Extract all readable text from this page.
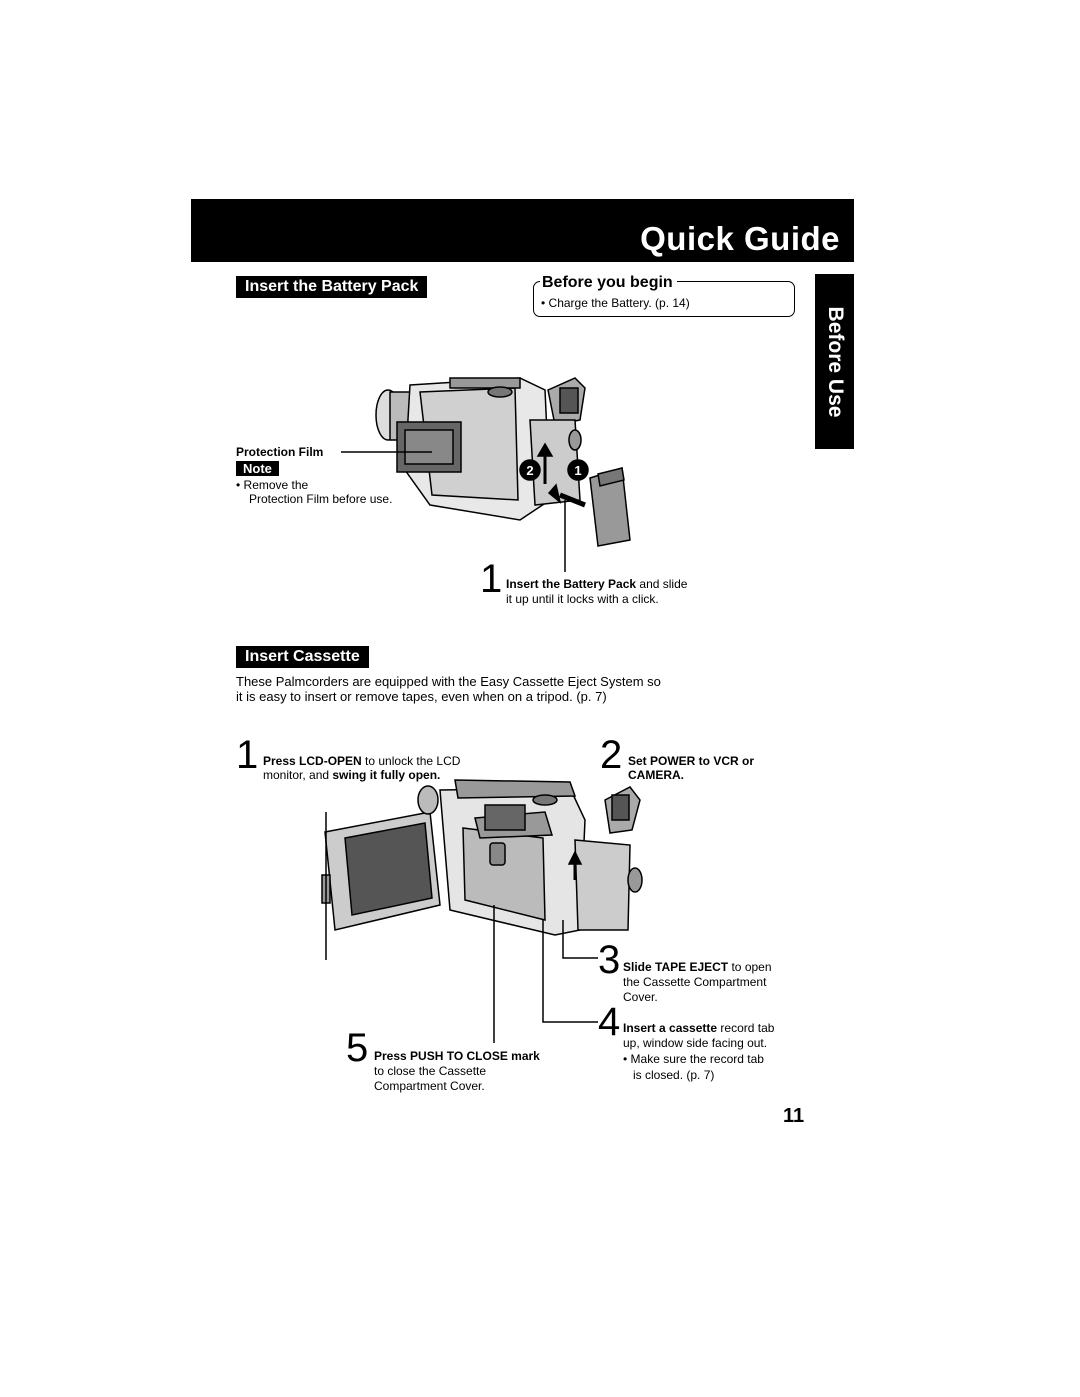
Quick Guide
Before Use
Insert the Battery Pack	Before you begin
• Charge the Battery. (p. 14)
2	1
Protection Film
Note
• Remove the
Protection Film before use.
1 Insert the Battery Pack and slide
it up until it locks with a click.
Insert Cassette
These Palmcorders are equipped with the Easy Cassette Eject System so
it is easy to insert or remove tapes, even when on a tripod. (p. 7)
1 Press LCD-OPEN to unlock the LCD
monitor, and swing it fully open.	2 Set POWER to VCR or
CAMERA.
3 Slide TAPE EJECT to open
the Cassette Compartment
Cover.
4 Insert a cassette record tab
up, window side facing out.
• Make sure the record tab
is closed. (p. 7)
5 Press PUSH TO CLOSE mark
to close the Cassette
Compartment Cover.
11
